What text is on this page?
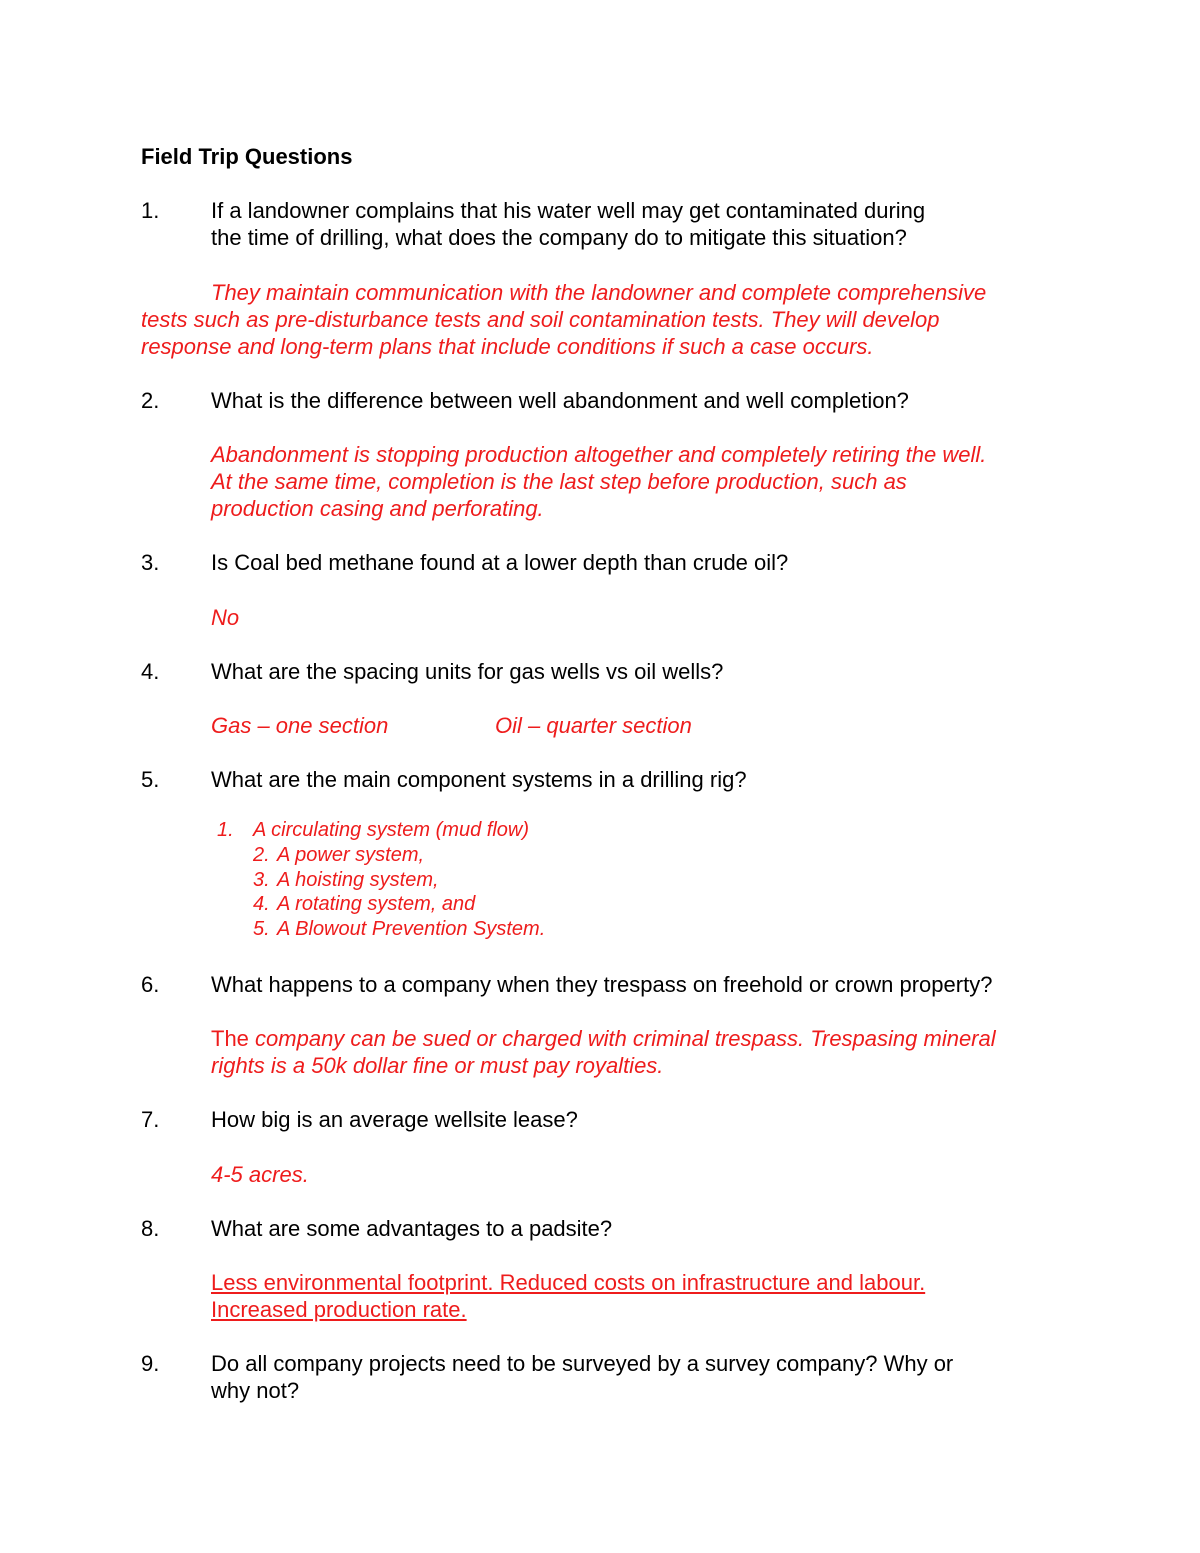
Field Trip Questions

1.	If a landowner complains that his water well may get contaminated during

the time of drilling, what does the company do to mitigate this situation?

They maintain communication with the landowner and complete comprehensive

tests such as pre-disturbance tests and soil contamination tests. They will develop

response and long-term plans that include conditions if such a case occurs.

2.	What is the difference between well abandonment and well completion?

Abandonment is stopping production altogether and completely retiring the well.

At the same time, completion is the last step before production, such as

production casing and perforating.

3.	Is Coal bed methane found at a lower depth than crude oil?

No

4.	What are the spacing units for gas wells vs oil wells?

Gas – one section	Oil – quarter section

5.	What are the main component systems in a drilling rig?

1. A circulating system (mud flow)

2. A power system,

3. A hoisting system,

4. A rotating system, and

5. A Blowout Prevention System.

6.	What happens to a company when they trespass on freehold or crown property?

The company can be sued or charged with criminal trespass. Trespasing mineral

rights is a 50k dollar fine or must pay royalties.

7.	How big is an average wellsite lease?

4-5 acres.

8.	What are some advantages to a padsite?

Less environmental footprint. Reduced costs on infrastructure and labour.

Increased production rate.

9.	Do all company projects need to be surveyed by a survey company? Why or

why not?
